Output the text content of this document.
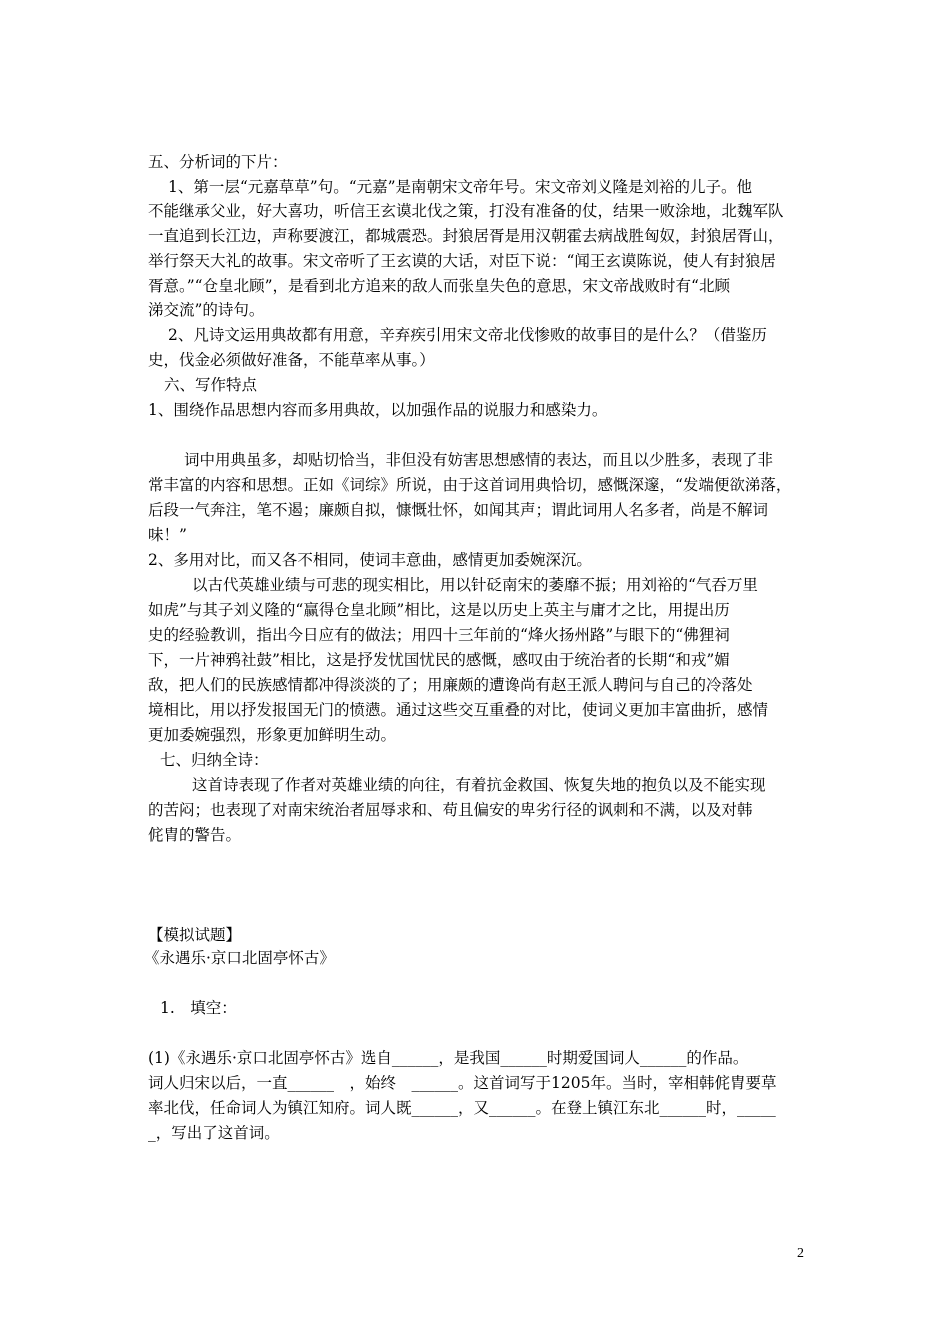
五、分析词的下片：
1、第一层“元嘉草草”句。“元嘉”是南朝宋文帝年号。宋文帝刘义隆是刘裕的儿子。他
不能继承父业，好大喜功，听信王玄谟北伐之策，打没有准备的仗，结果一败涂地，北魏军队
一直追到长江边，声称要渡江，都城震恐。封狼居胥是用汉朝霍去病战胜匈奴，封狼居胥山，
举行祭天大礼的故事。宋文帝听了王玄谟的大话，对臣下说：“闻王玄谟陈说，使人有封狼居
胥意。”“仓皇北顾”，是看到北方追来的敌人而张皇失色的意思，宋文帝战败时有“北顾
涕交流”的诗句。
2、凡诗文运用典故都有用意，辛弃疾引用宋文帝北伐惨败的故事目的是什么？（借鉴历
史，伐金必须做好准备，不能草率从事。）
六、写作特点
1、围绕作品思想内容而多用典故，以加强作品的说服力和感染力。
词中用典虽多，却贴切恰当，非但没有妨害思想感情的表达，而且以少胜多，表现了非
常丰富的内容和思想。正如《词综》所说，由于这首词用典恰切，感慨深邃，“发端便欲涕落，
后段一气奔注，笔不遏；廉颇自拟，慷慨壮怀，如闻其声；谓此词用人名多者，尚是不解词
味！”
2、多用对比，而又各不相同，使词丰意曲，感情更加委婉深沉。
以古代英雄业绩与可悲的现实相比，用以针砭南宋的萎靡不振；用刘裕的“气吞万里
如虎”与其子刘义隆的“赢得仓皇北顾”相比，这是以历史上英主与庸才之比，用提出历
史的经验教训，指出今日应有的做法；用四十三年前的“烽火扬州路”与眼下的“佛狸祠
下，一片神鸦社鼓”相比，这是抒发忧国忧民的感慨，感叹由于统治者的长期“和戎”媚
敌，把人们的民族感情都冲得淡淡的了；用廉颇的遭谗尚有赵王派人聘问与自己的冷落处
境相比，用以抒发报国无门的愤懑。通过这些交互重叠的对比，使词义更加丰富曲折，感情
更加委婉强烈，形象更加鲜明生动。
七、归纳全诗：
这首诗表现了作者对英雄业绩的向往，有着抗金救国、恢复失地的抱负以及不能实现
的苦闷；也表现了对南宋统治者屈辱求和、苟且偏安的卑劣行径的讽刺和不满，以及对韩
侂胄的警告。
【模拟试题】
《永遇乐·京口北固亭怀古》
1.　填空：
(1)《永遇乐·京口北固亭怀古》选自______，是我国______时期爱国词人______的作品。
词人归宋以后，一直______　，始终　______。这首词写于1205年。当时，宰相韩侂胄要草
率北伐，任命词人为镇江知府。词人既______，又______。在登上镇江东北______时，_____
_，写出了这首词。
2
